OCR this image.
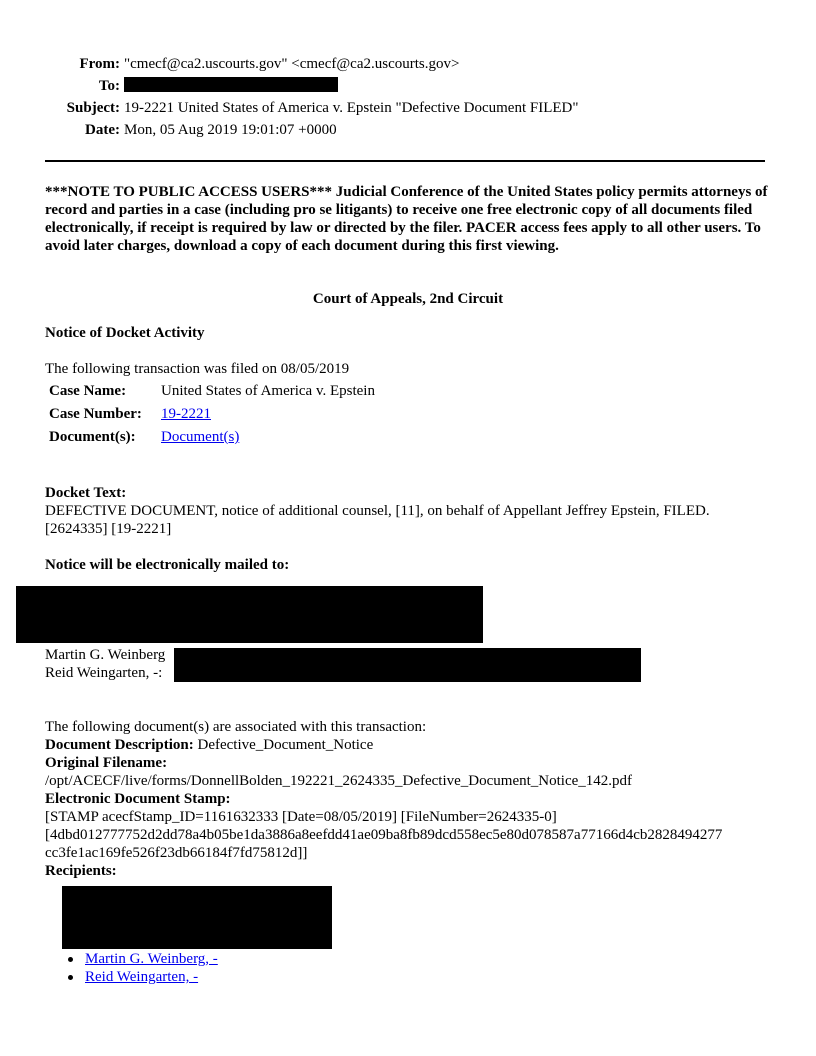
From: "cmecf@ca2.uscourts.gov" <cmecf@ca2.uscourts.gov>
To:
Subject: 19-2221 United States of America v. Epstein "Defective Document FILED"
Date: Mon, 05 Aug 2019 19:01:07 +0000
***NOTE TO PUBLIC ACCESS USERS*** Judicial Conference of the United States policy permits attorneys of record and parties in a case (including pro se litigants) to receive one free electronic copy of all documents filed electronically, if receipt is required by law or directed by the filer. PACER access fees apply to all other users. To avoid later charges, download a copy of each document during this first viewing.
Court of Appeals, 2nd Circuit
Notice of Docket Activity
The following transaction was filed on 08/05/2019
Case Name: United States of America v. Epstein
Case Number: 19-2221
Document(s): Document(s)
Docket Text:
DEFECTIVE DOCUMENT, notice of additional counsel, [11], on behalf of Appellant Jeffrey Epstein, FILED. [2624335] [19-2221]
Notice will be electronically mailed to:
Martin G. Weinberg
Reid Weingarten, -:
The following document(s) are associated with this transaction:
Document Description: Defective_Document_Notice
Original Filename:
/opt/ACECF/live/forms/DonnellBolden_192221_2624335_Defective_Document_Notice_142.pdf
Electronic Document Stamp:
[STAMP acecfStamp_ID=1161632333 [Date=08/05/2019] [FileNumber=2624335-0]
[4dbd012777752d2dd78a4b05be1da3886a8eefdd41ae09ba8fb89dcd558ec5e80d078587a77166d4cb2828494277
cc3fe1ac169fe526f23db66184f7fd75812d]]
Recipients:
Martin G. Weinberg, -
Reid Weingarten, -
